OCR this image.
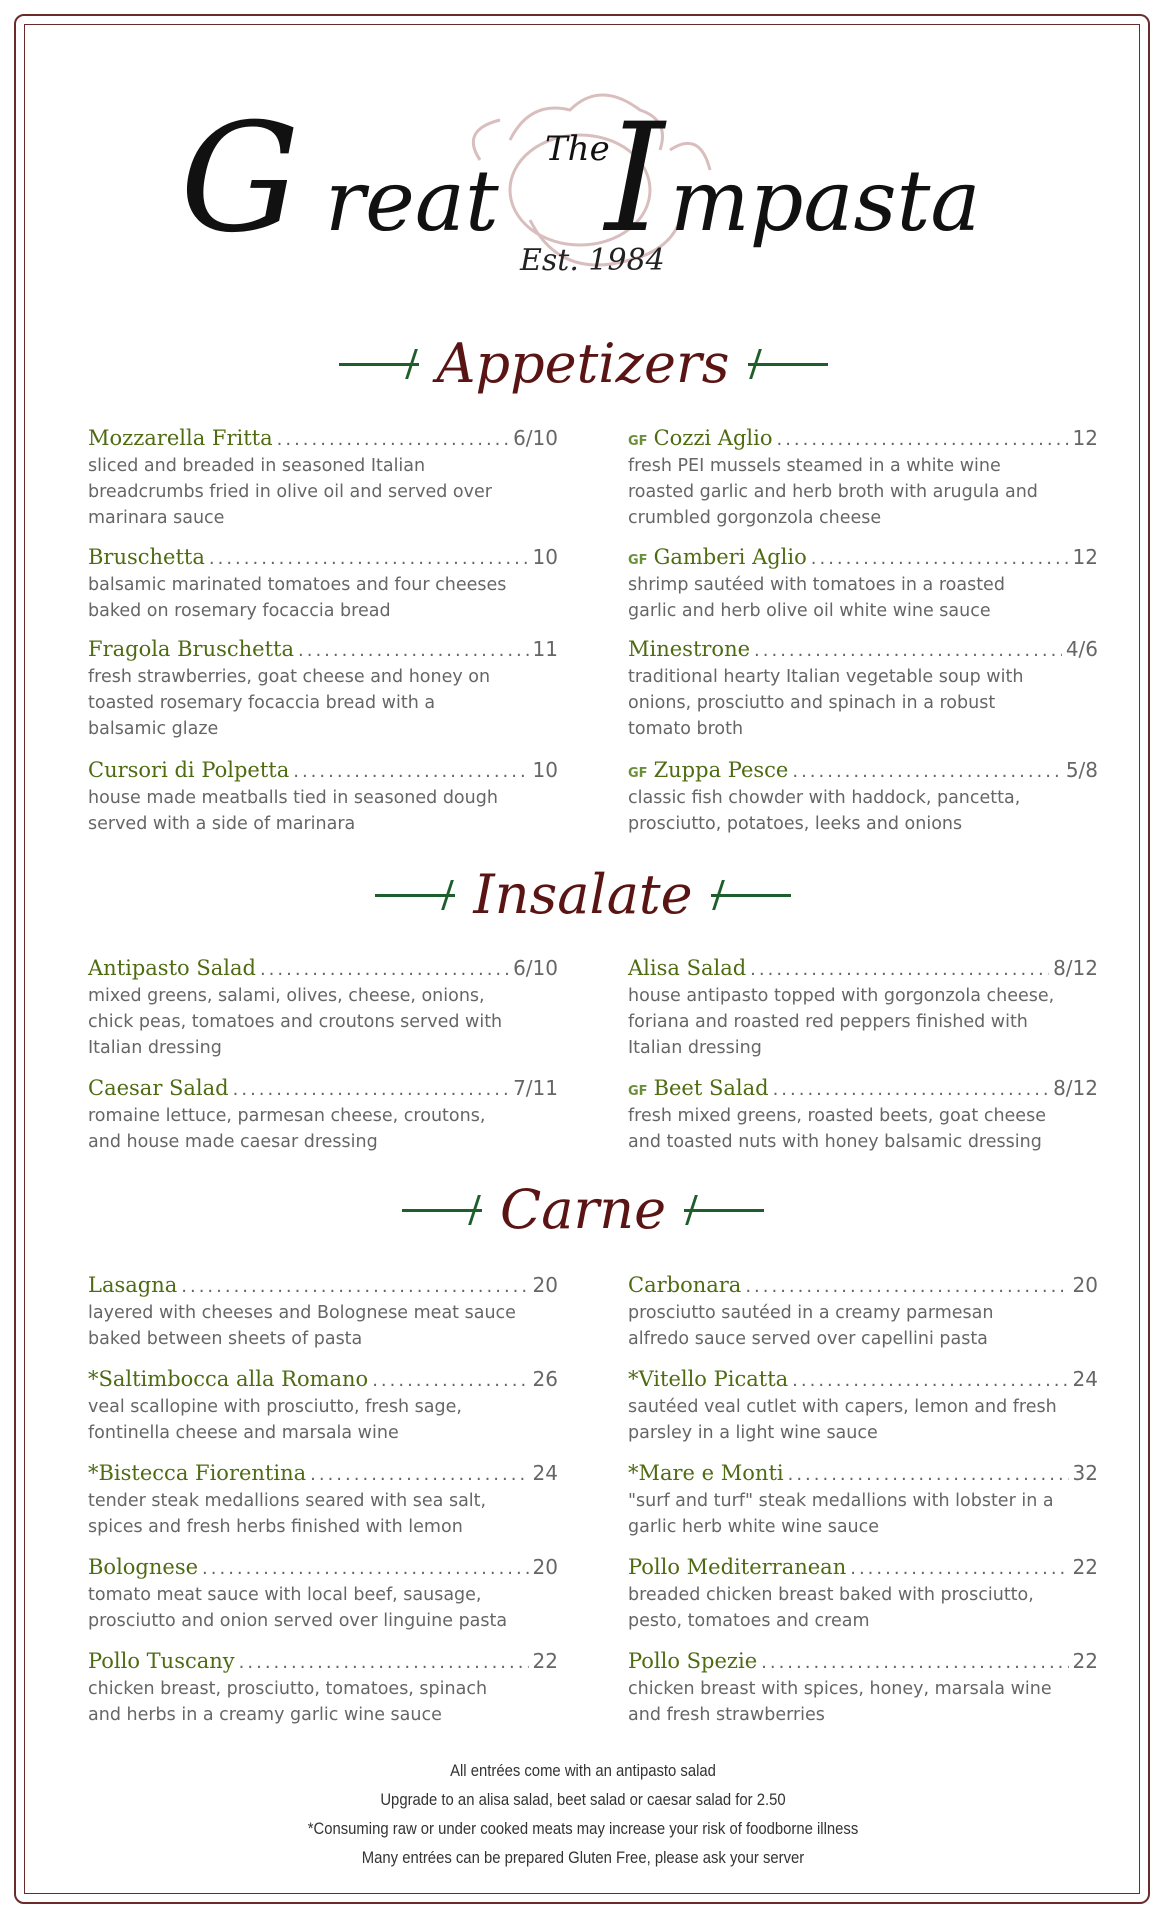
G reat I mpasta
The
Est. 1984
Appetizers
Mozzarella Fritta .....	6/10
sliced and breaded in seasoned Italian breadcrumbs fried in olive oil and served over marinara sauce
Bruschetta .....	10
balsamic marinated tomatoes and four cheeses baked on rosemary focaccia bread
Fragola Bruschetta .....	11
fresh strawberries, goat cheese and honey on toasted rosemary focaccia bread with a balsamic glaze
Cursori di Polpetta .....	10
house made meatballs tied in seasoned dough served with a side of marinara
GF Cozzi Aglio .....	12
fresh PEI mussels steamed in a white wine roasted garlic and herb broth with arugula and crumbled gorgonzola cheese
GF Gamberi Aglio .....	12
shrimp sautéed with tomatoes in a roasted garlic and herb olive oil white wine sauce
Minestrone .....	4/6
traditional hearty Italian vegetable soup with onions, prosciutto and spinach in a robust tomato broth
GF Zuppa Pesce .....	5/8
classic fish chowder with haddock, pancetta, prosciutto, potatoes, leeks and onions
Insalate
Antipasto Salad .....	6/10
mixed greens, salami, olives, cheese, onions, chick peas, tomatoes and croutons served with Italian dressing
Caesar Salad .....	7/11
romaine lettuce, parmesan cheese, croutons, and house made caesar dressing
Alisa Salad .....	8/12
house antipasto topped with gorgonzola cheese, foriana and roasted red peppers finished with Italian dressing
GF Beet Salad .....	8/12
fresh mixed greens, roasted beets, goat cheese and toasted nuts with honey balsamic dressing
Carne
Lasagna .....	20
layered with cheeses and Bolognese meat sauce baked between sheets of pasta
*Saltimbocca alla Romano .....	26
veal scallopine with prosciutto, fresh sage, fontinella cheese and marsala wine
*Bistecca Fiorentina .....	24
tender steak medallions seared with sea salt, spices and fresh herbs finished with lemon
Bolognese .....	20
tomato meat sauce with local beef, sausage, prosciutto and onion served over linguine pasta
Pollo Tuscany .....	22
chicken breast, prosciutto, tomatoes, spinach and herbs in a creamy garlic wine sauce
Carbonara .....	20
prosciutto sautéed in a creamy parmesan alfredo sauce served over capellini pasta
*Vitello Picatta .....	24
sautéed veal cutlet with capers, lemon and fresh parsley in a light wine sauce
*Mare e Monti .....	32
"surf and turf" steak medallions with lobster in a garlic herb white wine sauce
Pollo Mediterranean .....	22
breaded chicken breast baked with prosciutto, pesto, tomatoes and cream
Pollo Spezie .....	22
chicken breast with spices, honey, marsala wine and fresh strawberries
All entrées come with an antipasto salad
Upgrade to an alisa salad, beet salad or caesar salad for 2.50
*Consuming raw or under cooked meats may increase your risk of foodborne illness
Many entrées can be prepared Gluten Free, please ask your server
